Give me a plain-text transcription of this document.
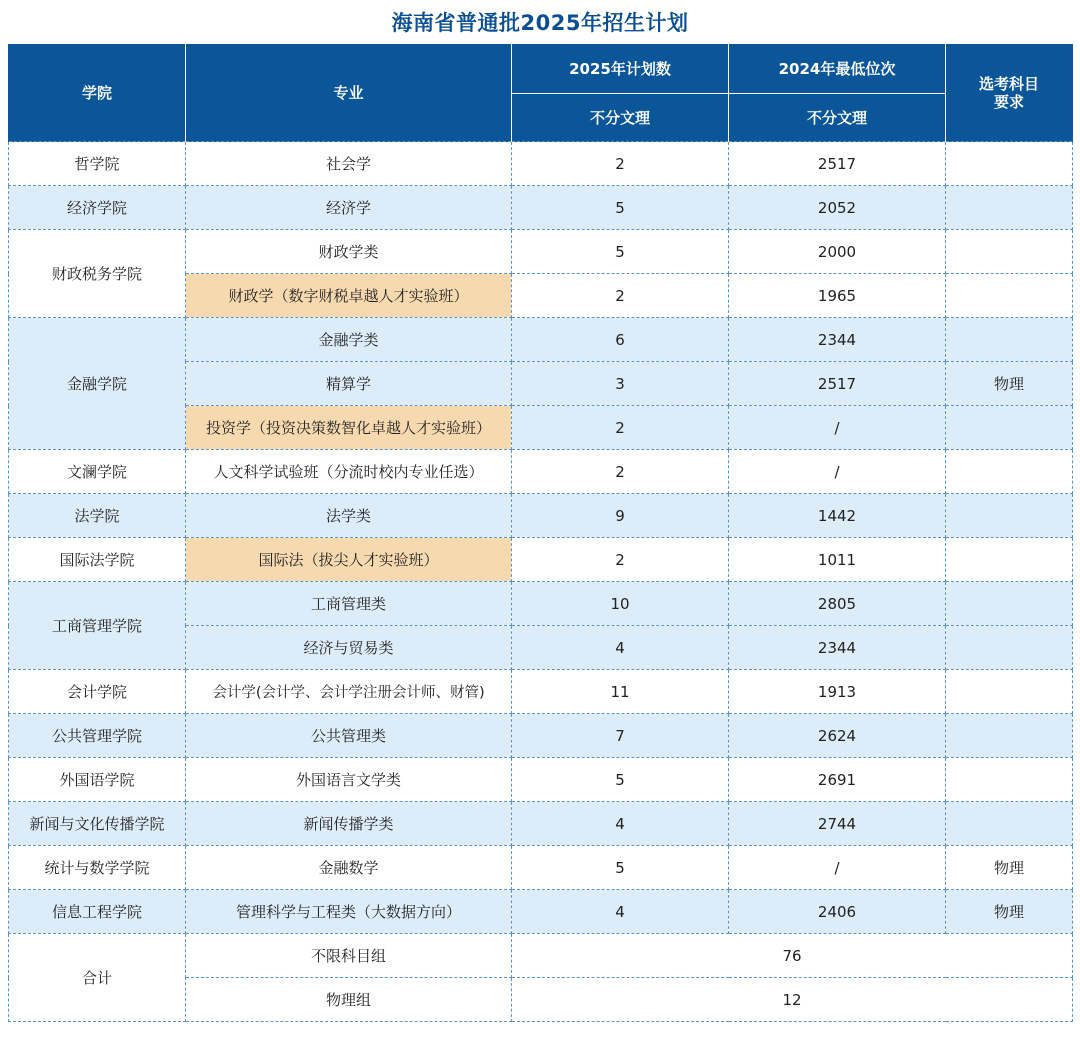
海南省普通批2025年招生计划
学院	专业	2025年计划数	2024年最低位次	选考科目要求
		不分文理	不分文理	
哲学院	社会学	2	2517	
经济学院	经济学	5	2052	
财政税务学院	财政学类	5	2000	
	财政学（数字财税卓越人才实验班）	2	1965	
金融学院	金融学类	6	2344	
	精算学	3	2517	物理
	投资学（投资决策数智化卓越人才实验班）	2	/	
文澜学院	人文科学试验班（分流时校内专业任选）	2	/	
法学院	法学类	9	1442	
国际法学院	国际法（拔尖人才实验班）	2	1011	
工商管理学院	工商管理类	10	2805	
	经济与贸易类	4	2344	
会计学院	会计学(会计学、会计学注册会计师、财管)	11	1913	
公共管理学院	公共管理类	7	2624	
外国语学院	外国语言文学类	5	2691	
新闻与文化传播学院	新闻传播学类	4	2744	
统计与数学学院	金融数学	5	/	物理
信息工程学院	管理科学与工程类（大数据方向）	4	2406	物理
合计	不限科目组	76		
	物理组	12		
